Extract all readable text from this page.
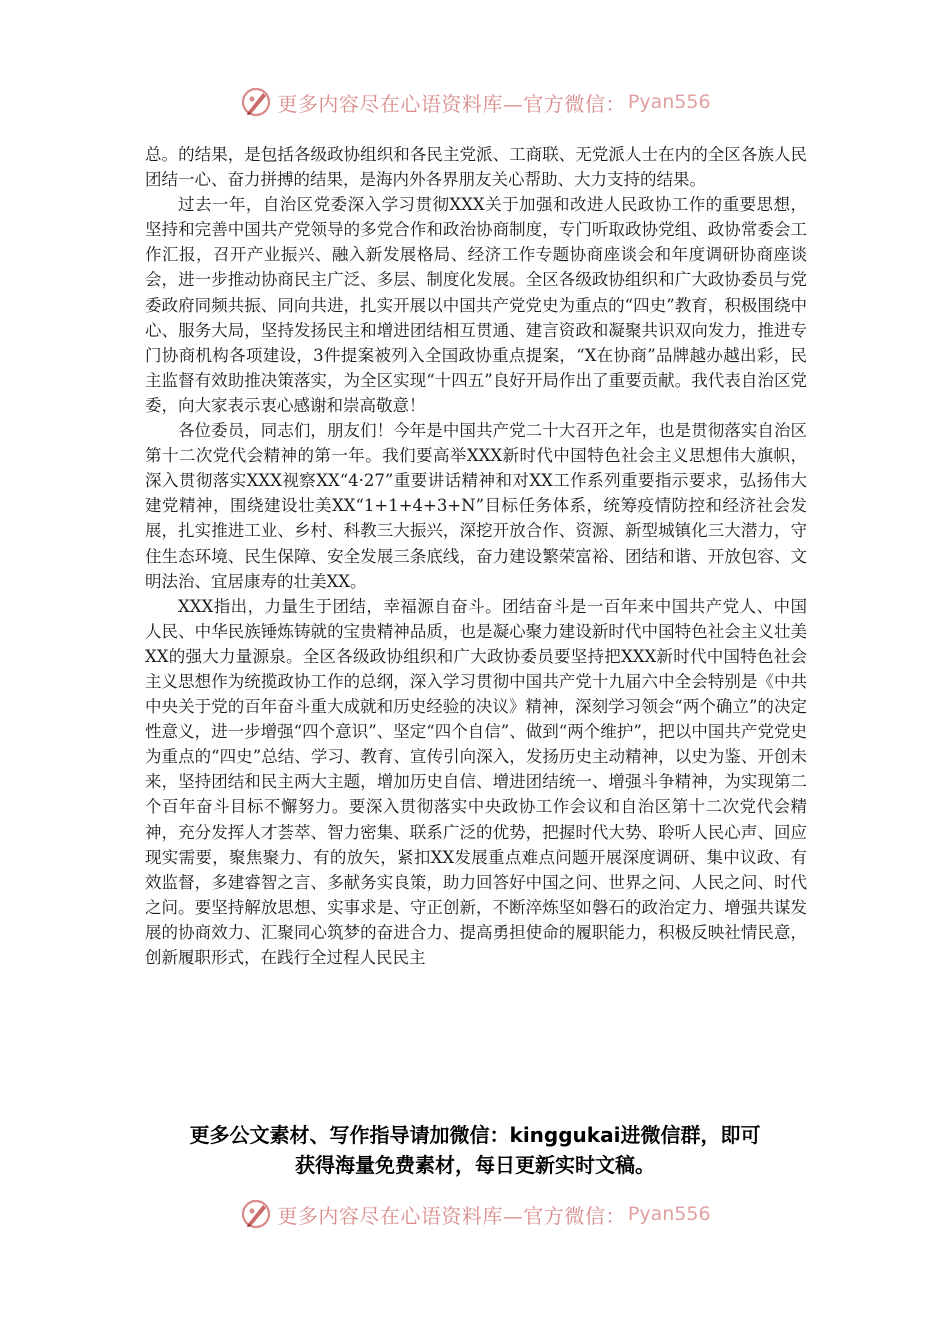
更多内容尽在心语资料库—官方微信： Pyan556

总。的结果，是包括各级政协组织和各民主党派、工商联、无党派人士在内的全区各族人民团结一心、奋力拼搏的结果，是海内外各界朋友关心帮助、大力支持的结果。

过去一年，自治区党委深入学习贯彻XXX关于加强和改进人民政协工作的重要思想，坚持和完善中国共产党领导的多党合作和政治协商制度，专门听取政协党组、政协常委会工作汇报，召开产业振兴、融入新发展格局、经济工作专题协商座谈会和年度调研协商座谈会，进一步推动协商民主广泛、多层、制度化发展。全区各级政协组织和广大政协委员与党委政府同频共振、同向共进，扎实开展以中国共产党党史为重点的“四史”教育，积极围绕中心、服务大局，坚持发扬民主和增进团结相互贯通、建言资政和凝聚共识双向发力，推进专门协商机构各项建设，3件提案被列入全国政协重点提案，“X在协商”品牌越办越出彩，民主监督有效助推决策落实，为全区实现“十四五”良好开局作出了重要贡献。我代表自治区党委，向大家表示衷心感谢和崇高敬意！

各位委员，同志们，朋友们！今年是中国共产党二十大召开之年，也是贯彻落实自治区第十二次党代会精神的第一年。我们要高举XXX新时代中国特色社会主义思想伟大旗帜，深入贯彻落实XXX视察XX“4·27”重要讲话精神和对XX工作系列重要指示要求，弘扬伟大建党精神，围绕建设壮美XX“1+1+4+3+N”目标任务体系，统筹疫情防控和经济社会发展，扎实推进工业、乡村、科教三大振兴，深挖开放合作、资源、新型城镇化三大潜力，守住生态环境、民生保障、安全发展三条底线，奋力建设繁荣富裕、团结和谐、开放包容、文明法治、宜居康寿的壮美XX。

XXX指出，力量生于团结，幸福源自奋斗。团结奋斗是一百年来中国共产党人、中国人民、中华民族锤炼铸就的宝贵精神品质，也是凝心聚力建设新时代中国特色社会主义壮美XX的强大力量源泉。全区各级政协组织和广大政协委员要坚持把XXX新时代中国特色社会主义思想作为统揽政协工作的总纲，深入学习贯彻中国共产党十九届六中全会特别是《中共中央关于党的百年奋斗重大成就和历史经验的决议》精神，深刻学习领会“两个确立”的决定性意义，进一步增强“四个意识”、坚定“四个自信”、做到“两个维护”，把以中国共产党党史为重点的“四史”总结、学习、教育、宣传引向深入，发扬历史主动精神，以史为鉴、开创未来，坚持团结和民主两大主题，增加历史自信、增进团结统一、增强斗争精神，为实现第二个百年奋斗目标不懈努力。要深入贯彻落实中央政协工作会议和自治区第十二次党代会精神，充分发挥人才荟萃、智力密集、联系广泛的优势，把握时代大势、聆听人民心声、回应现实需要，聚焦聚力、有的放矢，紧扣XX发展重点难点问题开展深度调研、集中议政、有效监督，多建睿智之言、多献务实良策，助力回答好中国之问、世界之问、人民之问、时代之问。要坚持解放思想、实事求是、守正创新，不断淬炼坚如磐石的政治定力、增强共谋发展的协商效力、汇聚同心筑梦的奋进合力、提高勇担使命的履职能力，积极反映社情民意，创新履职形式，在践行全过程人民民主

更多公文素材、写作指导请加微信：kinggukai进微信群，即可
获得海量免费素材，每日更新实时文稿。
更多内容尽在心语资料库—官方微信： Pyan556
